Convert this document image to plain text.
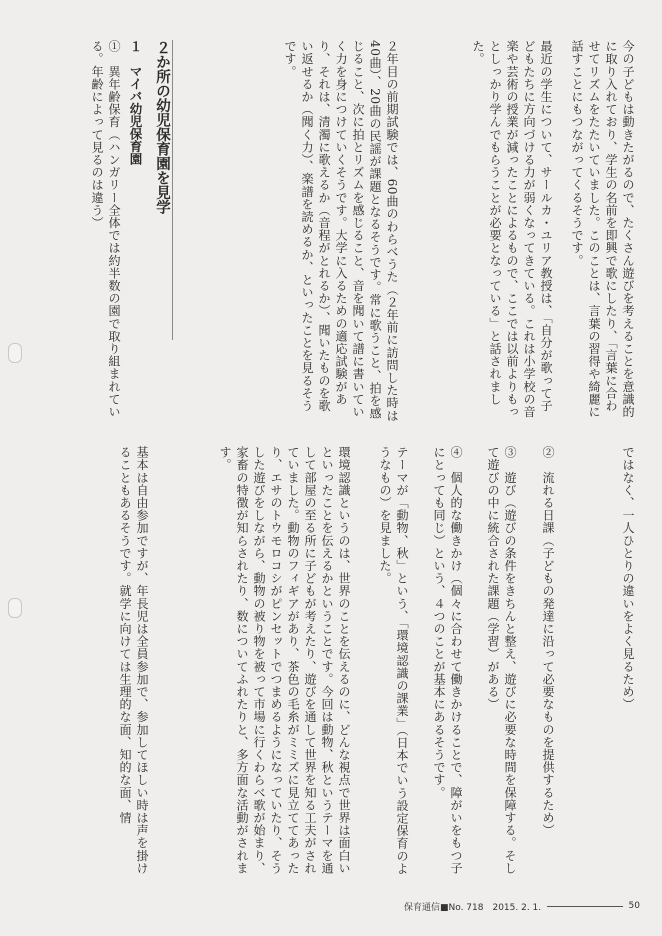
今の子どもは動きたがるので、たくさん遊びを考えることを意識的に取り入れており、学生の名前を即興で歌にしたり、「言葉に合わせてリズムをたたいていました。このことは、言葉の習得や綺麗に話すことにもつながってくるそうです。
最近の学生について、サールカ・ユリア教授は、「自分が歌って子どもたちに方向づける力が弱くなってきている。これは小学校の音楽や芸術の授業が減ったことによるもので、ここでは以前よりもっとしっかり学んでもらうことが必要となっている」と話されました。
２年目の前期試験では、60曲のわらべうた（２年前に訪問した時は40曲）、20曲の民謡が課題となるそうです。常に歌うこと、拍を感じること、次に拍とリズムを感じること、音を聞いて譜に書いていく力を身につけていくそうです。大学に入るための適応試験があり、それは、清濁に歌えるか（音程がとれるか）、聞いたものを歌い返せるか（聞く力）、楽譜を読めるか、といったことを見るそうです。
２か所の幼児保育園を見学
１　マイバ幼児保育園
①　異年齢保育（ハンガリー全体では約半数の園で取り組まれている。年齢によって見るのは違う）
ではなく、一人ひとりの違いをよく見るため）
②　流れる日課（子どもの発達に沿って必要なものを提供するため）
③　遊び（遊びの条件をきちんと整え、遊びに必要な時間を保障する。そして遊びの中に統合された課題（学習）がある）
④　個人的な働きかけ（個々に合わせて働きかけることで、障がいをもつ子にとっても同じ）という、４つのことが基本にあるそうです。
テーマが「動物、秋」という、「環境認識の課業」（日本でいう設定保育のようなもの）を見ました。
環境認識というのは、世界のことを伝えるのに、どんな視点で世界は面白いといったことを伝えるかということです。今回は動物、秋というテーマを通して部屋の至る所に子どもが考えたり、遊びを通して世界を知る工夫がされていました。動物のフィギアがあり、茶色の毛糸がミミズに見立ててあったり、エサのトウモロコシがピンセットでつまめるようになっていたり、そうした遊びをしながら、動物の被り物を被って市場に行くわらべ歌が始まり、家畜の特徴が知らされたり、数についてふれたりと、多方面な活動がされます。
基本は自由参加ですが、年長児は全員参加で、参加してほしい時は声を掛けることもあるそうです。就学に向けては生理的な面、知的な面、情
保育通信■No. 718　2015. 2. 1.	50
